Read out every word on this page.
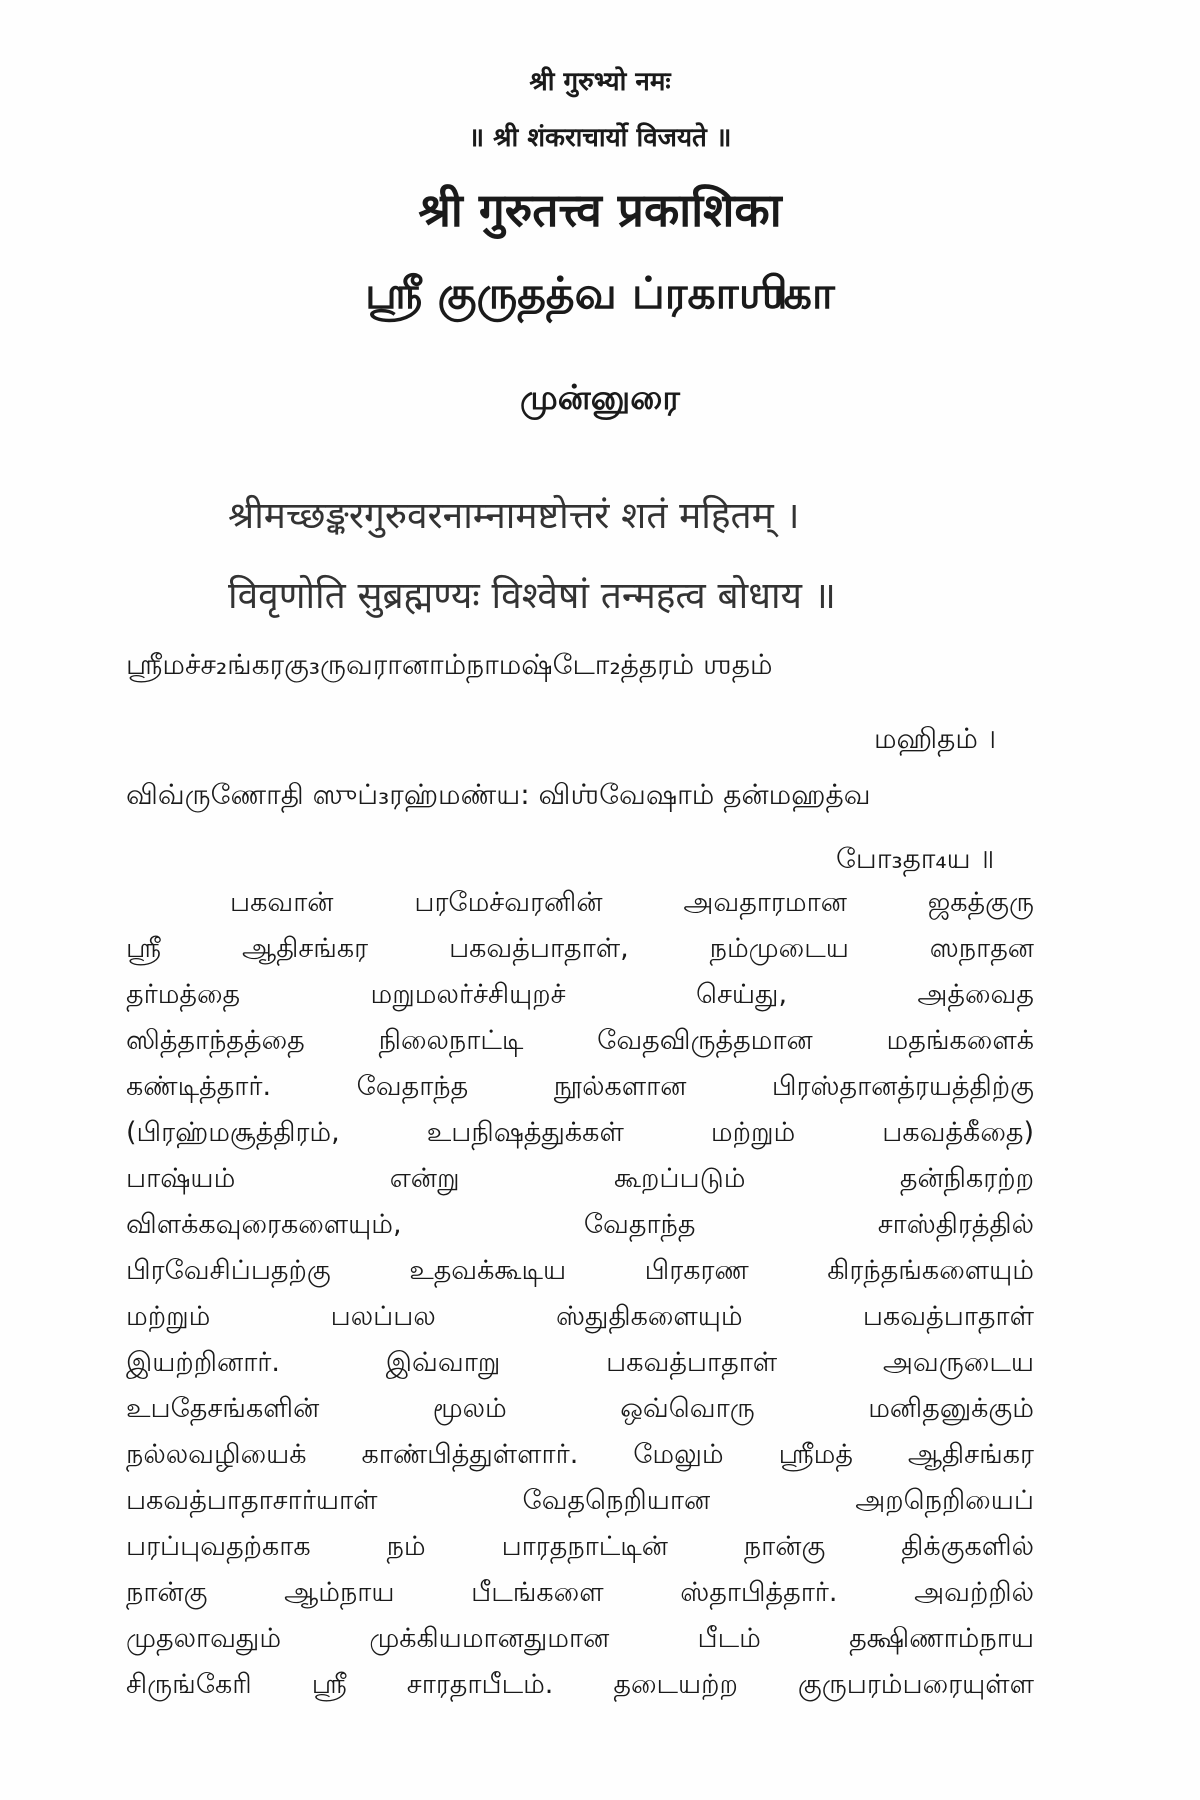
श्री गुरुभ्यो नमः
॥ श्री शंकराचार्यो विजयते ॥
श्री गुरुतत्त्व प्रकाशिका
ஸ்ரீ குருதத்வ ப்ரகாஶிகா
முன்னுரை
श्रीमच्छङ्करगुरुवरनाम्नामष्टोत्तरं शतं महितम् ।
विवृणोति सुब्रह्मण्यः विश्वेषां तन्महत्व बोधाय ॥
ஸ்ரீமச்ச₂ங்கரகு₃ருவரானாம்நாமஷ்டோ₂த்தரம் ஶதம்
மஹிதம் ।
விவ்ருணோதி ஸுப்₃ரஹ்மண்ய: விஶ்வேஷாம் தன்மஹத்வ
போ₃தா₄ய ॥
பகவான்	பரமேச்வரனின்	அவதாரமான	ஜகத்குரு
ஸ்ரீ	ஆதிசங்கர	பகவத்பாதாள்,	நம்முடைய	ஸநாதன
தர்மத்தை	மறுமலர்ச்சியுறச்	செய்து,	அத்வைத
ஸித்தாந்தத்தை	நிலைநாட்டி	வேதவிருத்தமான	மதங்களைக்
கண்டித்தார்.	வேதாந்த	நூல்களான	பிரஸ்தானத்ரயத்திற்கு
(பிரஹ்மசூத்திரம்,	உபநிஷத்துக்கள்	மற்றும்	பகவத்கீதை)
பாஷ்யம்	என்று	கூறப்படும்	தன்நிகரற்ற
விளக்கவுரைகளையும்,	வேதாந்த	சாஸ்திரத்தில்
பிரவேசிப்பதற்கு	உதவக்கூடிய	பிரகரண	கிரந்தங்களையும்
மற்றும்	பலப்பல	ஸ்துதிகளையும்	பகவத்பாதாள்
இயற்றினார்.	இவ்வாறு	பகவத்பாதாள்	அவருடைய
உபதேசங்களின்	மூலம்	ஒவ்வொரு	மனிதனுக்கும்
நல்லவழியைக் காண்பித்துள்ளார். மேலும் ஸ்ரீமத் ஆதிசங்கர
பகவத்பாதாசார்யாள்	வேதநெறியான	அறநெறியைப்
பரப்புவதற்காக	நம்	பாரதநாட்டின்	நான்கு	திக்குகளில்
நான்கு	ஆம்நாய	பீடங்களை	ஸ்தாபித்தார்.	அவற்றில்
முதலாவதும்	முக்கியமானதுமான	பீடம்	தக்ஷிணாம்நாய
சிருங்கேரி ஸ்ரீ சாரதாபீடம். தடையற்ற குருபரம்பரையுள்ள
